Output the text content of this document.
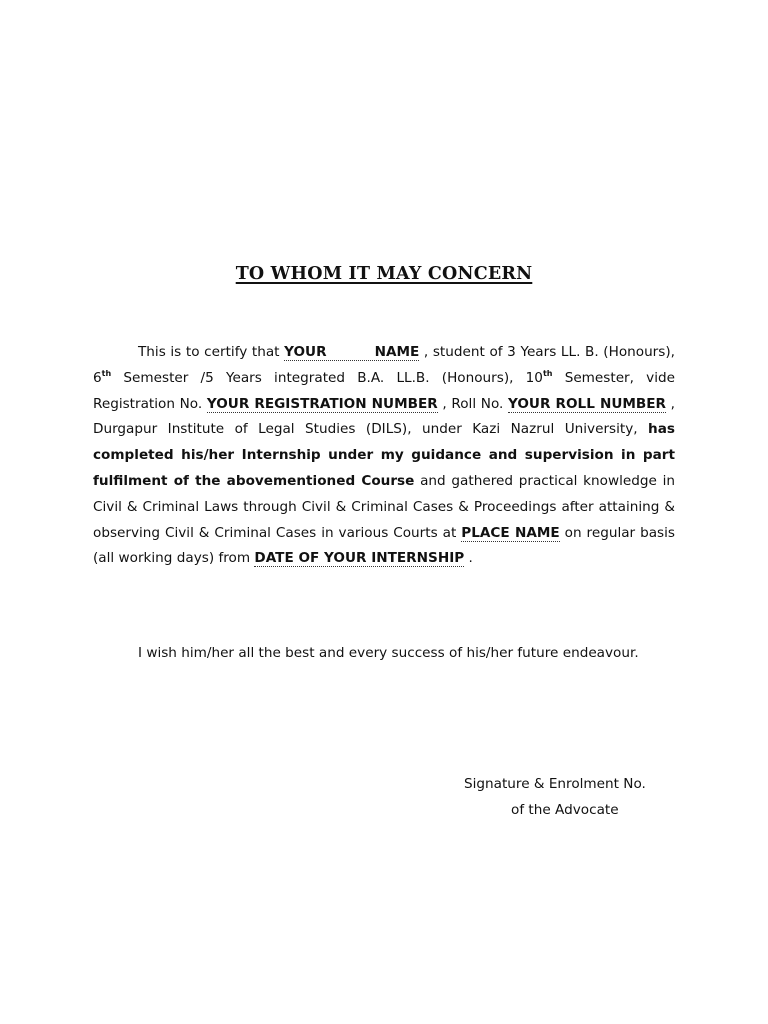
TO WHOM IT MAY CONCERN
This is to certify that YOUR	NAME , student of 3 Years LL. B. (Honours), 6th Semester /5 Years integrated B.A. LL.B. (Honours), 10th Semester, vide Registration No. YOUR REGISTRATION NUMBER , Roll No. YOUR ROLL NUMBER , Durgapur Institute of Legal Studies (DILS), under Kazi Nazrul University, has completed his/her Internship under my guidance and supervision in part fulfilment of the abovementioned Course and gathered practical knowledge in Civil & Criminal Laws through Civil & Criminal Cases & Proceedings after attaining & observing Civil & Criminal Cases in various Courts at PLACE NAME on regular basis (all working days) from DATE OF YOUR INTERNSHIP .
I wish him/her all the best and every success of his/her future endeavour.
Signature & Enrolment No.
of the Advocate
